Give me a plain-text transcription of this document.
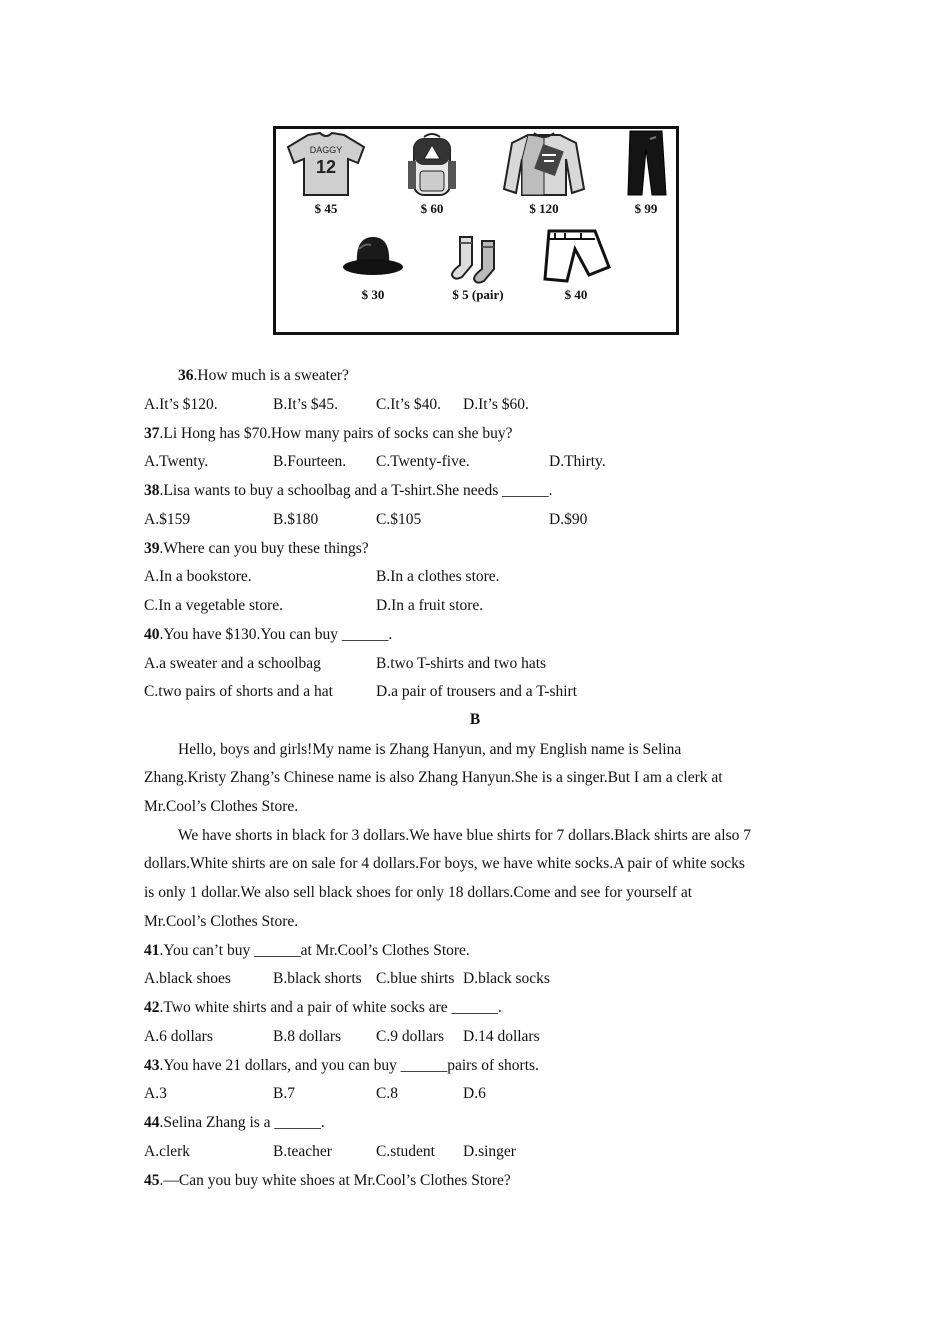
DAGGY
12
$ 45	$ 60	$ 120	$ 99
$ 30	$ 5 (pair)	$ 40
36.How much is a sweater?
A.It’s $120.	B.It’s $45. C.It’s $40. D.It’s $60.
37.Li Hong has $70.How many pairs of socks can she buy?
A.Twenty.	B.Fourteen. C.Twenty-five.	D.Thirty.
38.Lisa wants to buy a schoolbag and a T-shirt.She needs ______.
A.$159	B.$180	C.$105	D.$90
39.Where can you buy these things?
A.In a bookstore.	B.In a clothes store.
C.In a vegetable store.	D.In a fruit store.
40.You have $130.You can buy ______.
A.a sweater and a schoolbag	B.two T-shirts and two hats
C.two pairs of shorts and a hat	D.a pair of trousers and a T-shirt
B
Hello, boys and girls!My name is Zhang Hanyun, and my English name is Selina
Zhang.Kristy Zhang’s Chinese name is also Zhang Hanyun.She is a singer.But I am a clerk at
Mr.Cool’s Clothes Store.
We have shorts in black for 3 dollars.We have blue shirts for 7 dollars.Black shirts are also 7
dollars.White shirts are on sale for 4 dollars.For boys, we have white socks.A pair of white socks
is only 1 dollar.We also sell black shoes for only 18 dollars.Come and see for yourself at
Mr.Cool’s Clothes Store.
41.You can’t buy ______at Mr.Cool’s Clothes Store.
A.black shoes	B.black shorts C.blue shirts D.black socks
42.Two white shirts and a pair of white socks are ______.
A.6 dollars	B.8 dollars C.9 dollars D.14 dollars
43.You have 21 dollars, and you can buy ______pairs of shorts.
A.3	B.7	C.8	D.6
44.Selina Zhang is a ______.
A.clerk	B.teacher	C.student D.singer
45.—Can you buy white shoes at Mr.Cool’s Clothes Store?
